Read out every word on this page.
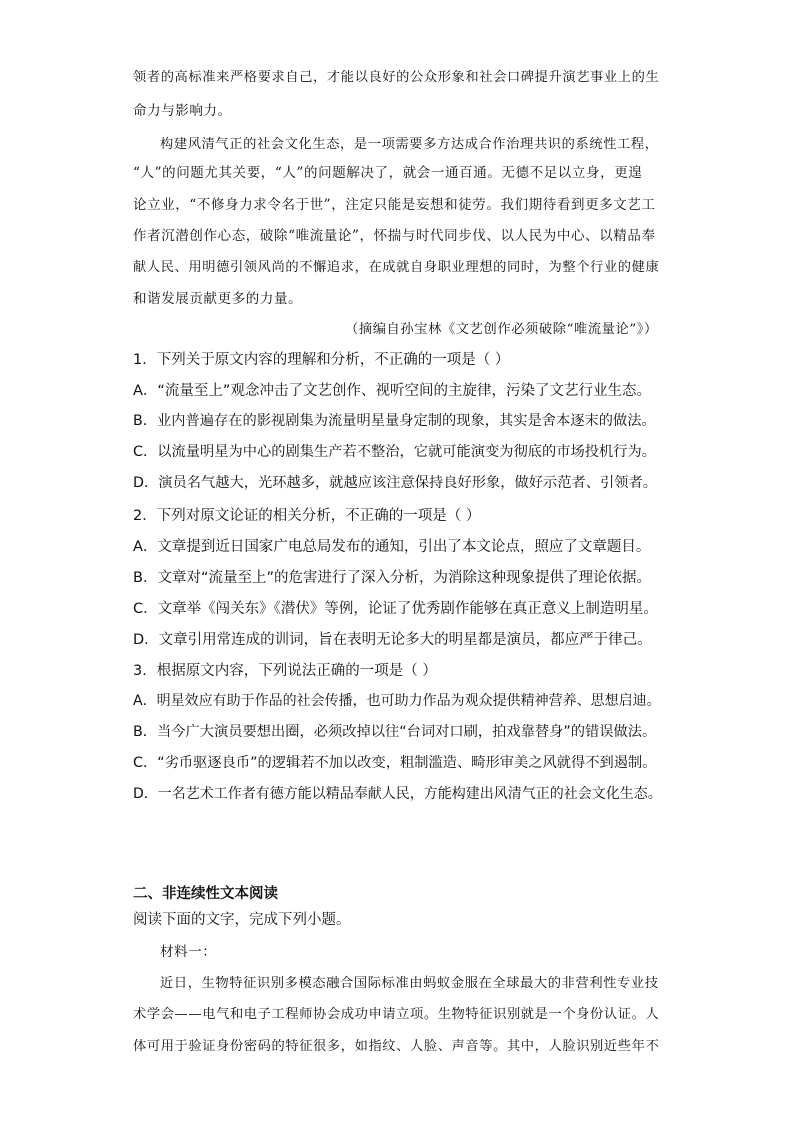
领者的高标准来严格要求自己，才能以良好的公众形象和社会口碑提升演艺事业上的生
命力与影响力。
构建风清气正的社会文化生态，是一项需要多方达成合作治理共识的系统性工程，
“人”的问题尤其关要，“人”的问题解决了，就会一通百通。无德不足以立身，更遑
论立业，“不修身力求令名于世”，注定只能是妄想和徒劳。我们期待看到更多文艺工
作者沉潜创作心态，破除“唯流量论”，怀揣与时代同步伐、以人民为中心、以精品奉
献人民、用明德引领风尚的不懈追求，在成就自身职业理想的同时，为整个行业的健康
和谐发展贡献更多的力量。
（摘编自孙宝林《文艺创作必须破除“唯流量论”》）
1．下列关于原文内容的理解和分析，不正确的一项是（ ）
A．“流量至上”观念冲击了文艺创作、视听空间的主旋律，污染了文艺行业生态。
B．业内普遍存在的影视剧集为流量明星量身定制的现象，其实是舍本逐末的做法。
C．以流量明星为中心的剧集生产若不整治，它就可能演变为彻底的市场投机行为。
D．演员名气越大，光环越多，就越应该注意保持良好形象，做好示范者、引领者。
2．下列对原文论证的相关分析，不正确的一项是（ ）
A．文章提到近日国家广电总局发布的通知，引出了本文论点，照应了文章题目。
B．文章对“流量至上”的危害进行了深入分析，为消除这种现象提供了理论依据。
C．文章举《闯关东》《潜伏》等例，论证了优秀剧作能够在真正意义上制造明星。
D．文章引用常连成的训词，旨在表明无论多大的明星都是演员，都应严于律己。
3．根据原文内容，下列说法正确的一项是（ ）
A．明星效应有助于作品的社会传播，也可助力作品为观众提供精神营养、思想启迪。
B．当今广大演员要想出圈，必须改掉以往“台词对口刷，拍戏靠替身”的错误做法。
C．“劣币驱逐良币”的逻辑若不加以改变，粗制滥造、畸形审美之风就得不到遏制。
D．一名艺术工作者有德方能以精品奉献人民，方能构建出风清气正的社会文化生态。
二、非连续性文本阅读
阅读下面的文字，完成下列小题。
材料一：
近日，生物特征识别多模态融合国际标准由蚂蚁金服在全球最大的非营利性专业技
术学会——电气和电子工程师协会成功申请立项。生物特征识别就是一个身份认证。人
体可用于验证身份密码的特征很多，如指纹、人脸、声音等。其中，人脸识别近些年不
